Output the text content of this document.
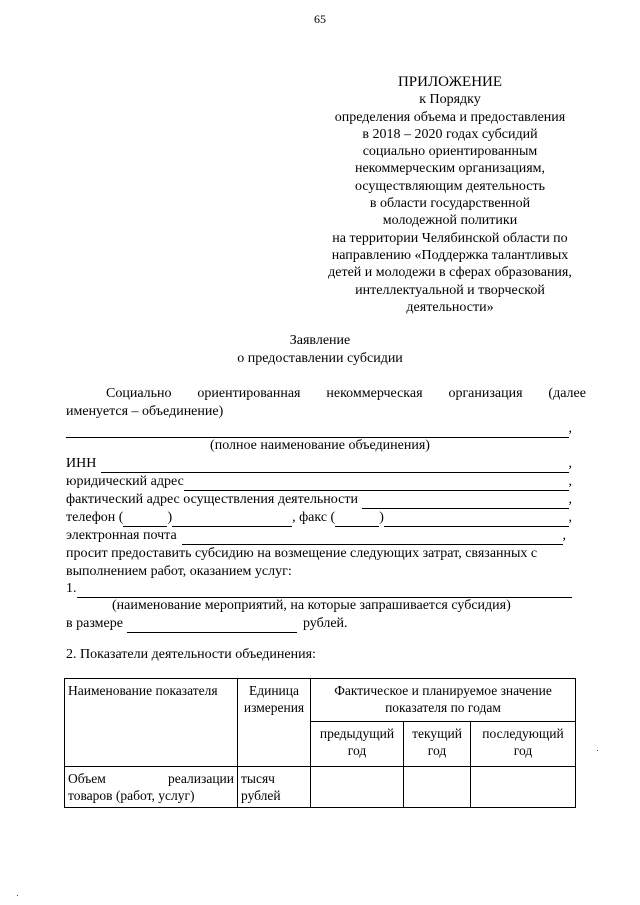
65
ПРИЛОЖЕНИЕ
к Порядку
определения объема и предоставления
в 2018 – 2020 годах субсидий
социально ориентированным
некоммерческим организациям,
осуществляющим деятельность
в области государственной
молодежной политики
на территории Челябинской области по
направлению «Поддержка талантливых
детей и молодежи в сферах образования,
интеллектуальной и творческой
деятельности»
Заявление
о предоставлении субсидии
Социально ориентированная некоммерческая организация (далее
именуется – объединение)
,
(полное наименование объединения)
ИНН	,
юридический адрес	,
фактический адрес осуществления деятельности	,
телефон (	)	, факс (	)	,
электронная почта	,
просит предоставить субсидию на возмещение следующих затрат, связанных с
выполнением работ, оказанием услуг:
1.
(наименование мероприятий, на которые запрашивается субсидия)
в размере	рублей.
2. Показатели деятельности объединения:
Наименование показателя	Единица измерения	Фактическое и планируемое значение показателя по годам		
		предыдущий год	текущий год	последующий год

Объем реализации
товаров (работ, услуг)	тысяч рублей			
